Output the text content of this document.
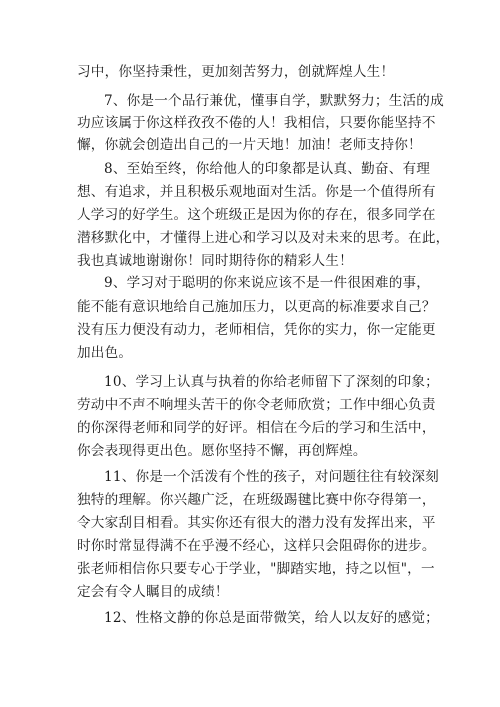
习中，你坚持秉性，更加刻苦努力，创就辉煌人生！
7、你是一个品行兼优，懂事自学，默默努力；生活的成
功应该属于你这样孜孜不倦的人！我相信，只要你能坚持不
懈，你就会创造出自己的一片天地！加油！老师支持你！
8、至始至终，你给他人的印象都是认真、勤奋、有理
想、有追求，并且积极乐观地面对生活。你是一个值得所有
人学习的好学生。这个班级正是因为你的存在，很多同学在
潜移默化中，才懂得上进心和学习以及对未来的思考。在此，
我也真诚地谢谢你！同时期待你的精彩人生！
9、学习对于聪明的你来说应该不是一件很困难的事，
能不能有意识地给自己施加压力，以更高的标准要求自己？
没有压力便没有动力，老师相信，凭你的实力，你一定能更
加出色。
10、学习上认真与执着的你给老师留下了深刻的印象；
劳动中不声不响埋头苦干的你令老师欣赏；工作中细心负责
的你深得老师和同学的好评。相信在今后的学习和生活中，
你会表现得更出色。愿你坚持不懈，再创辉煌。
11、你是一个活泼有个性的孩子，对问题往往有较深刻
独特的理解。你兴趣广泛，在班级踢毽比赛中你夺得第一，
令大家刮目相看。其实你还有很大的潜力没有发挥出来，平
时你时常显得满不在乎漫不经心，这样只会阻碍你的进步。
张老师相信你只要专心于学业，"脚踏实地，持之以恒"，一
定会有令人瞩目的成绩！
12、性格文静的你总是面带微笑，给人以友好的感觉；
